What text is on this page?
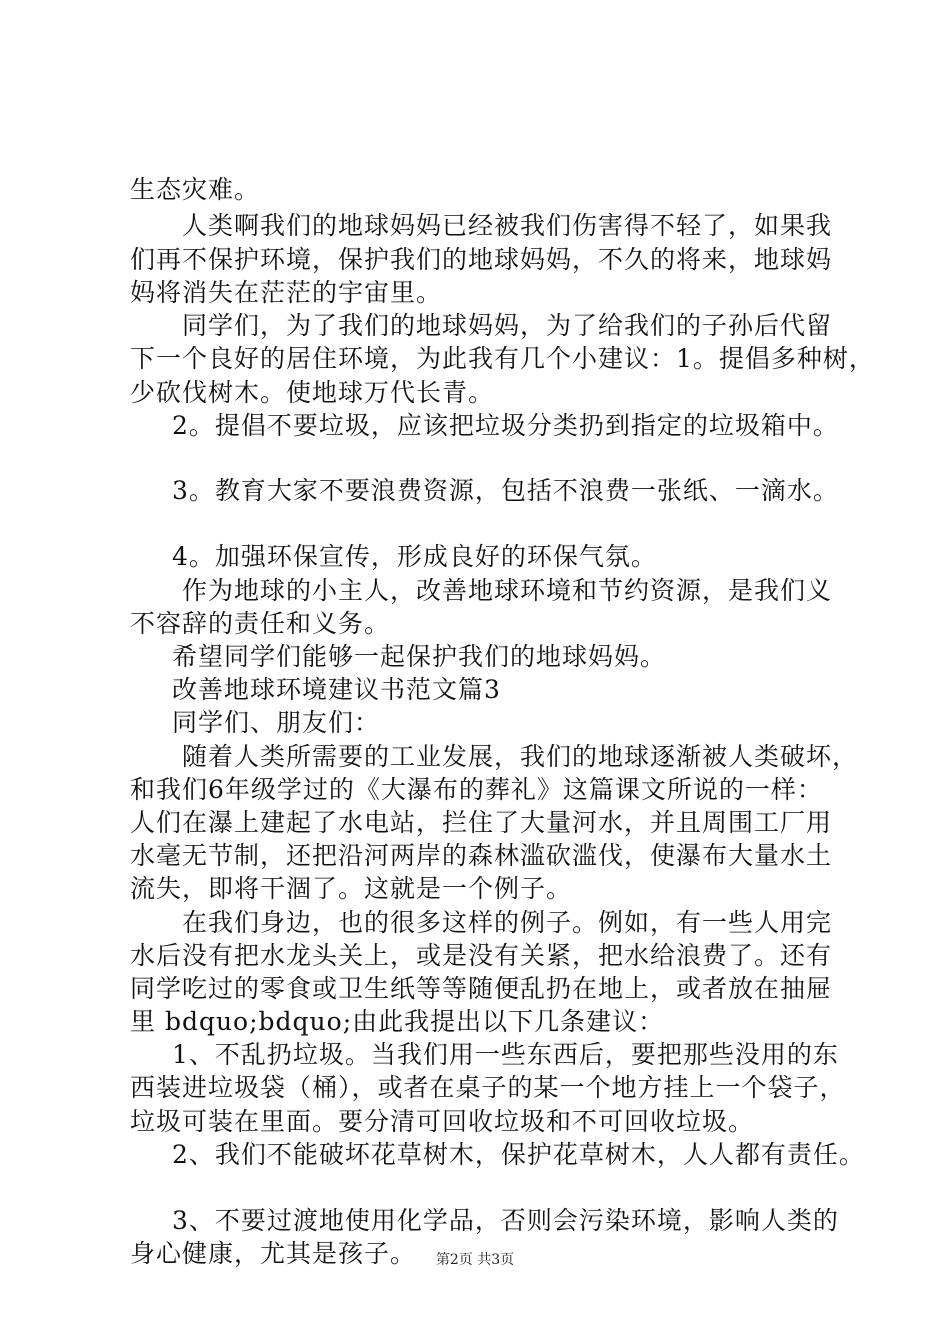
生态灾难。
人类啊我们的地球妈妈已经被我们伤害得不轻了，如果我
们再不保护环境，保护我们的地球妈妈，不久的将来，地球妈
妈将消失在茫茫的宇宙里。
同学们，为了我们的地球妈妈，为了给我们的子孙后代留
下一个良好的居住环境，为此我有几个小建议：1。提倡多种树，
少砍伐树木。使地球万代长青。
2。提倡不要垃圾，应该把垃圾分类扔到指定的垃圾箱中。
3。教育大家不要浪费资源，包括不浪费一张纸、一滴水。
4。加强环保宣传，形成良好的环保气氛。
作为地球的小主人，改善地球环境和节约资源，是我们义
不容辞的责任和义务。
希望同学们能够一起保护我们的地球妈妈。
改善地球环境建议书范文篇3
同学们、朋友们：
随着人类所需要的工业发展，我们的地球逐渐被人类破坏，
和我们6年级学过的《大瀑布的葬礼》这篇课文所说的一样：
人们在瀑上建起了水电站，拦住了大量河水，并且周围工厂用
水毫无节制，还把沿河两岸的森林滥砍滥伐，使瀑布大量水土
流失，即将干涸了。这就是一个例子。
在我们身边，也的很多这样的例子。例如，有一些人用完
水后没有把水龙头关上，或是没有关紧，把水给浪费了。还有
同学吃过的零食或卫生纸等等随便乱扔在地上，或者放在抽屉
里 bdquo;bdquo;由此我提出以下几条建议：
1、不乱扔垃圾。当我们用一些东西后，要把那些没用的东
西装进垃圾袋（桶），或者在桌子的某一个地方挂上一个袋子，
垃圾可装在里面。要分清可回收垃圾和不可回收垃圾。
2、我们不能破坏花草树木，保护花草树木，人人都有责任。
3、不要过渡地使用化学品，否则会污染环境，影响人类的
身心健康，尤其是孩子。	第2页 共3页
